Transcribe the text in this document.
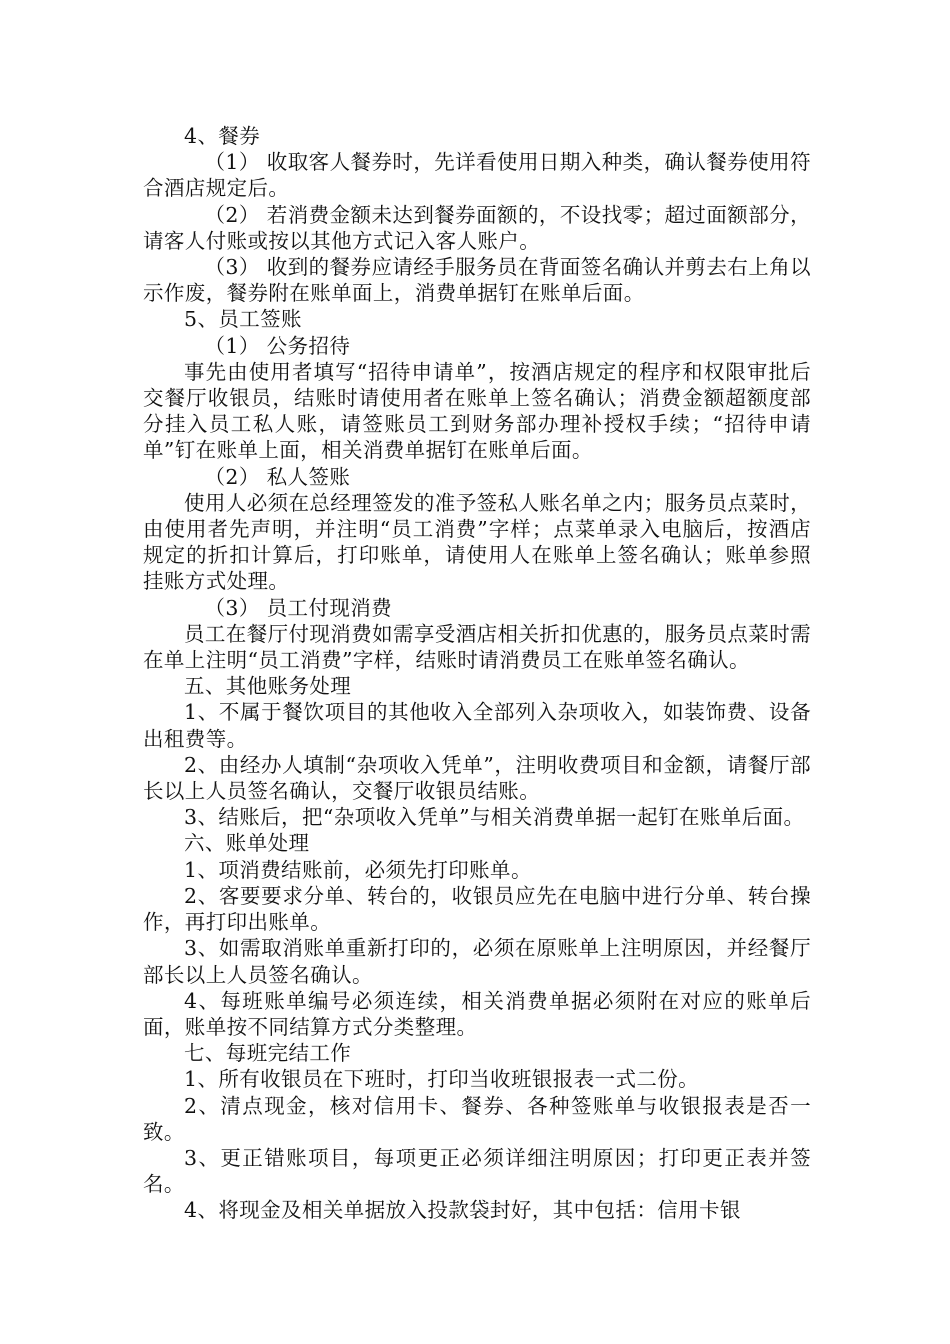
4、餐券

（1） 收取客人餐券时，先详看使用日期入种类，确认餐券使用符合酒店规定后。

（2） 若消费金额未达到餐券面额的，不设找零；超过面额部分，请客人付账或按以其他方式记入客人账户。

（3） 收到的餐券应请经手服务员在背面签名确认并剪去右上角以示作废，餐券附在账单面上，消费单据钉在账单后面。

5、员工签账

（1） 公务招待

事先由使用者填写“招待申请单”，按酒店规定的程序和权限审批后交餐厅收银员，结账时请使用者在账单上签名确认；消费金额超额度部分挂入员工私人账，请签账员工到财务部办理补授权手续；“招待申请单”钉在账单上面，相关消费单据钉在账单后面。

（2） 私人签账

使用人必须在总经理签发的准予签私人账名单之内；服务员点菜时，由使用者先声明，并注明“员工消费”字样；点菜单录入电脑后，按酒店规定的折扣计算后，打印账单，请使用人在账单上签名确认；账单参照挂账方式处理。

（3） 员工付现消费

员工在餐厅付现消费如需享受酒店相关折扣优惠的，服务员点菜时需在单上注明“员工消费”字样，结账时请消费员工在账单签名确认。

五、其他账务处理

1、不属于餐饮项目的其他收入全部列入杂项收入，如装饰费、设备出租费等。

2、由经办人填制“杂项收入凭单”，注明收费项目和金额，请餐厅部长以上人员签名确认，交餐厅收银员结账。

3、结账后，把“杂项收入凭单”与相关消费单据一起钉在账单后面。

六、账单处理

1、项消费结账前，必须先打印账单。

2、客要要求分单、转台的，收银员应先在电脑中进行分单、转台操作，再打印出账单。

3、如需取消账单重新打印的，必须在原账单上注明原因，并经餐厅部长以上人员签名确认。

4、每班账单编号必须连续，相关消费单据必须附在对应的账单后面，账单按不同结算方式分类整理。

七、每班完结工作

1、所有收银员在下班时，打印当收班银报表一式二份。

2、清点现金，核对信用卡、餐券、各种签账单与收银报表是否一致。

3、更正错账项目，每项更正必须详细注明原因；打印更正表并签名。

4、将现金及相关单据放入投款袋封好，其中包括：信用卡银
